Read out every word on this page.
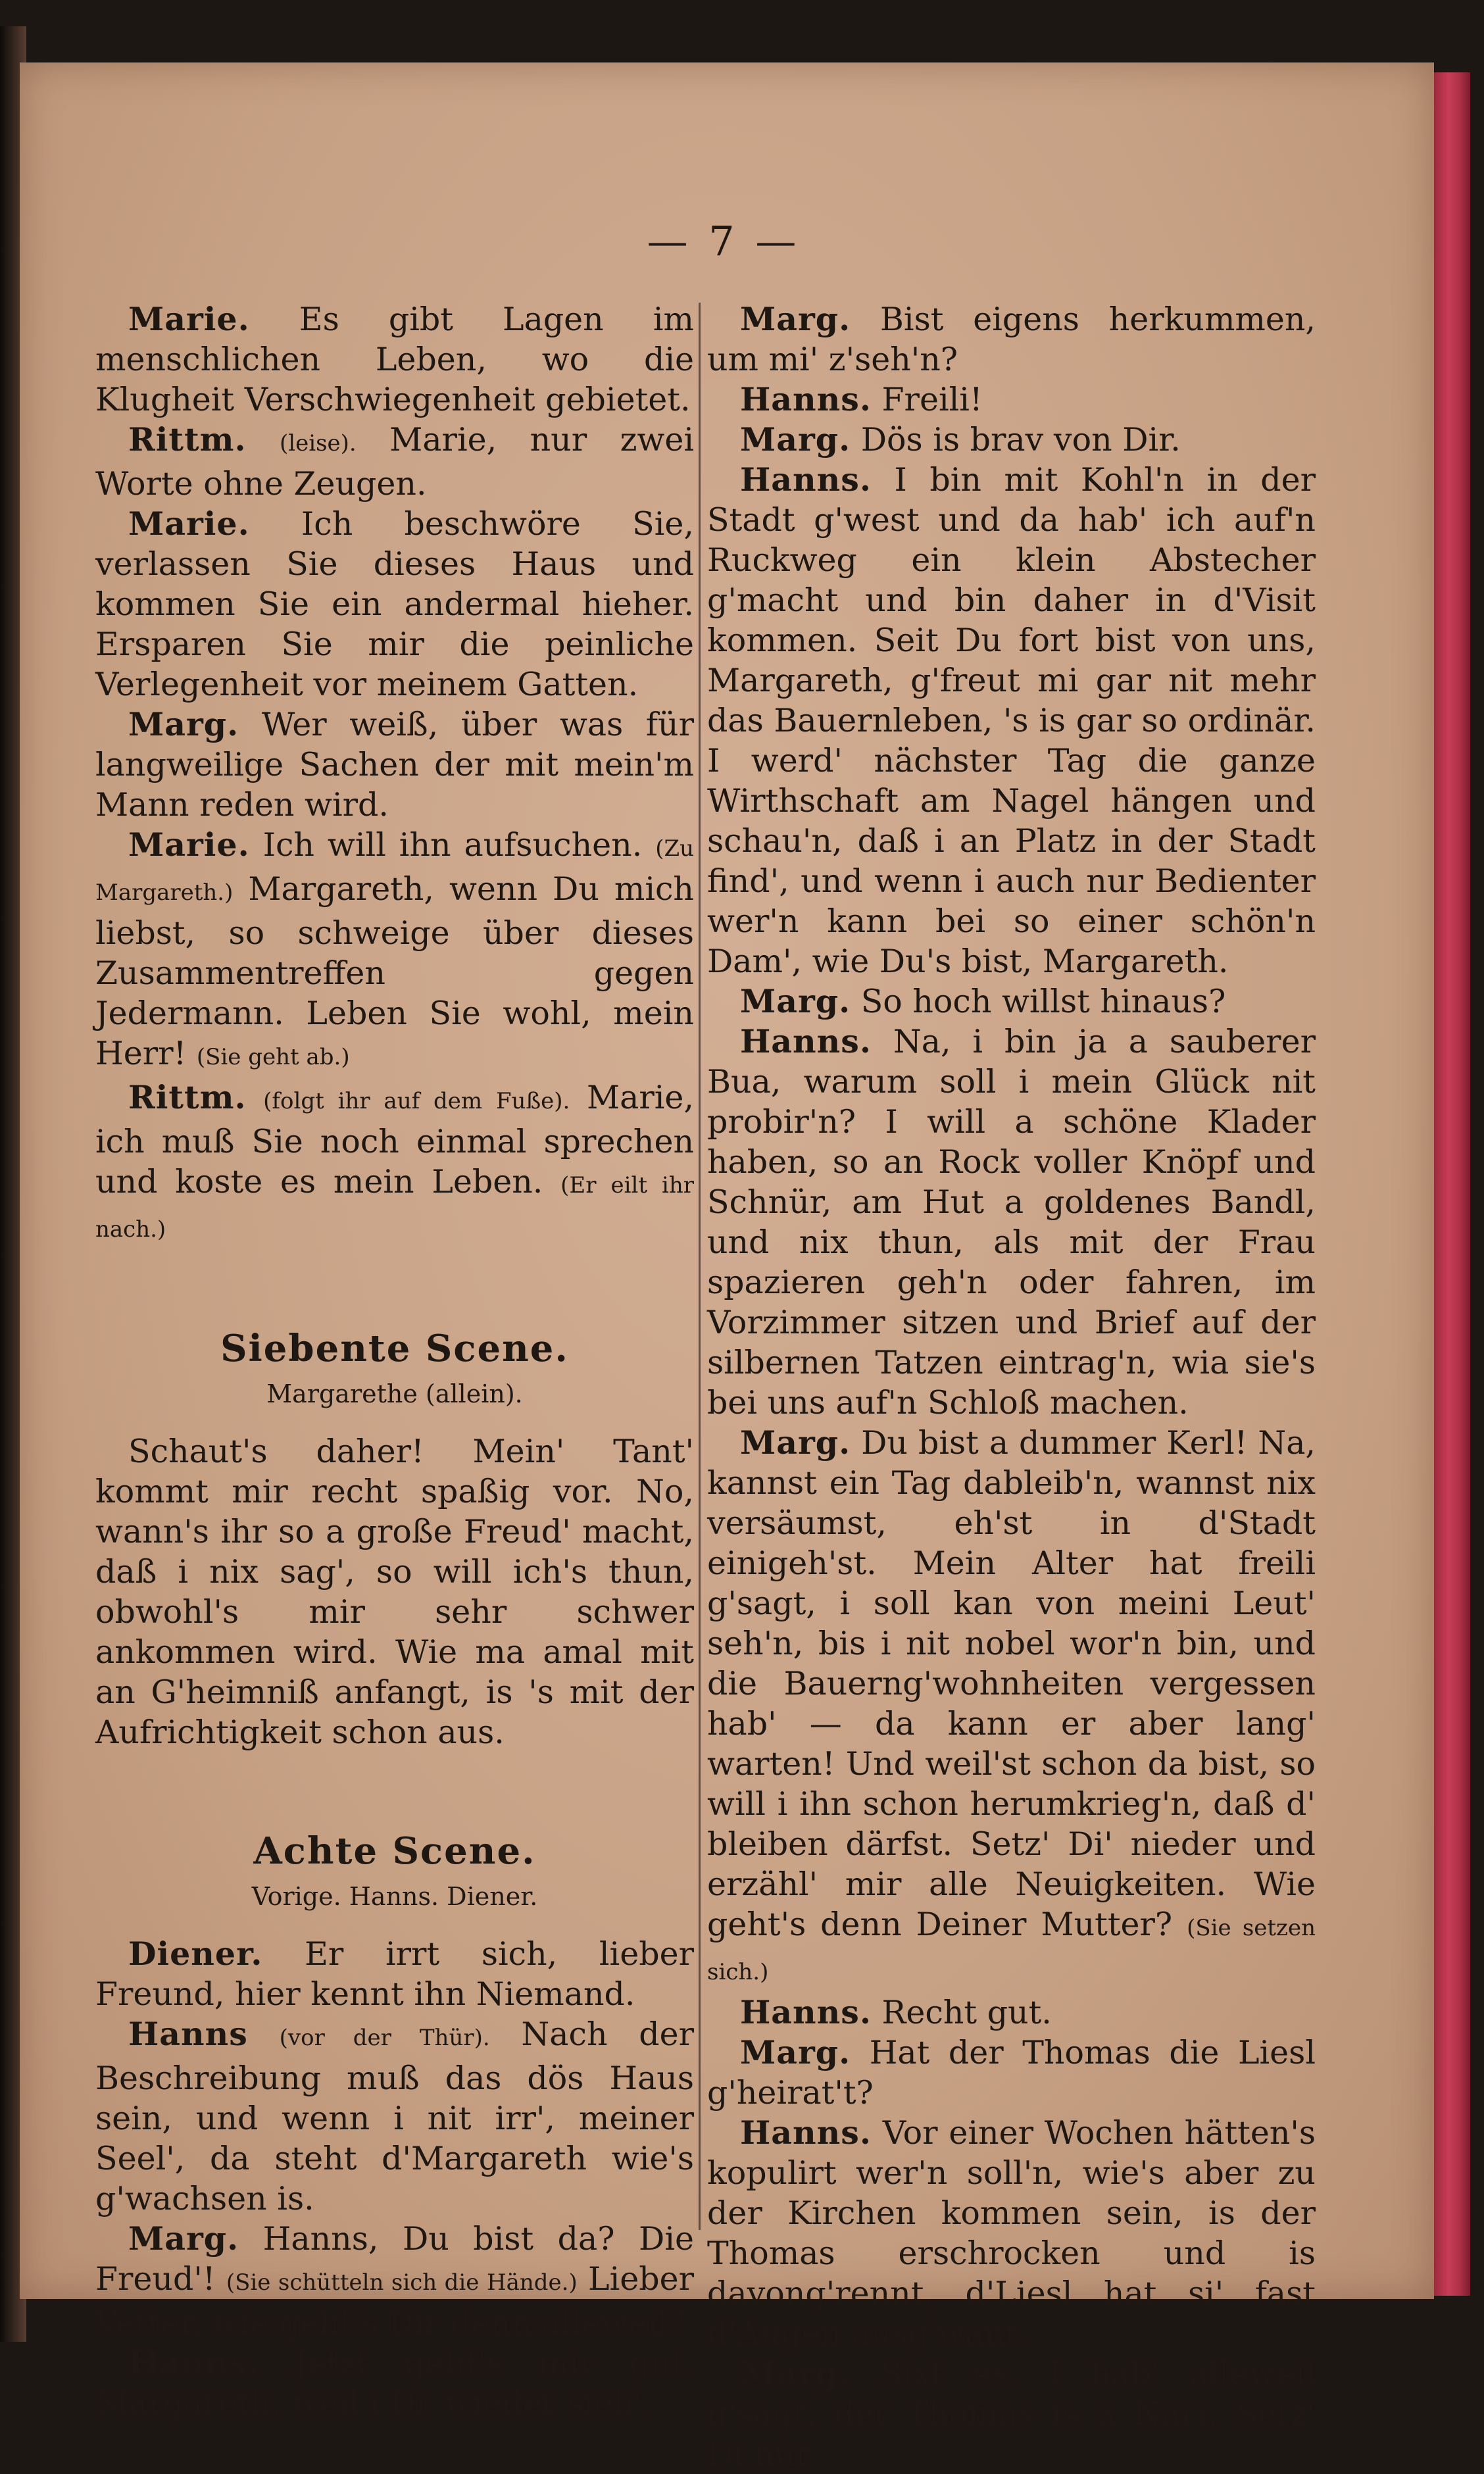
— 7 —

Marie. Es gibt Lagen im menschlichen Leben, wo die Klugheit Verschwiegenheit gebietet.

Rittm. (leise). Marie, nur zwei Worte ohne Zeugen.

Marie. Ich beschwöre Sie, verlassen Sie dieses Haus und kommen Sie ein andermal hieher. Ersparen Sie mir die peinliche Verlegenheit vor meinem Gatten.

Marg. Wer weiß, über was für langweilige Sachen der mit mein'm Mann reden wird.

Marie. Ich will ihn aufsuchen. (Zu Margareth.) Margareth, wenn Du mich liebst, so schweige über dieses Zusammentreffen gegen Jedermann. Leben Sie wohl, mein Herr! (Sie geht ab.)

Rittm. (folgt ihr auf dem Fuße). Marie, ich muß Sie noch einmal sprechen und koste es mein Leben. (Er eilt ihr nach.)

Siebente Scene.
Margarethe (allein).

Schaut's daher! Mein' Tant' kommt mir recht spaßig vor. No, wann's ihr so a große Freud' macht, daß i nix sag', so will ich's thun, obwohl's mir sehr schwer ankommen wird. Wie ma amal mit an G'heimniß anfangt, is 's mit der Aufrichtigkeit schon aus.

Achte Scene.
Vorige. Hanns. Diener.

Diener. Er irrt sich, lieber Freund, hier kennt ihn Niemand.

Hanns (vor der Thür). Nach der Beschreibung muß das dös Haus sein, und wenn i nit irr', meiner Seel', da steht d'Margareth wie's g'wachsen is.

Marg. Hanns, Du bist da? Die Freud'! (Sie schütteln sich die Hände.) Lieber Vetter, wie geht's Dir denn alleweil?

Hanns. Jetzt geht's mir gut, Margareth, weil i Di' wieder sieh'.

Marg. Bist eigens herkummen, um mi' z'seh'n?

Hanns. Freili!

Marg. Dös is brav von Dir.

Hanns. I bin mit Kohl'n in der Stadt g'west und da hab' ich auf'n Ruckweg ein klein Abstecher g'macht und bin daher in d'Visit kommen. Seit Du fort bist von uns, Margareth, g'freut mi gar nit mehr das Bauernleben, 's is gar so ordinär. I werd' nächster Tag die ganze Wirthschaft am Nagel hängen und schau'n, daß i an Platz in der Stadt find', und wenn i auch nur Bedienter wer'n kann bei so einer schön'n Dam', wie Du's bist, Margareth.

Marg. So hoch willst hinaus?

Hanns. Na, i bin ja a sauberer Bua, warum soll i mein Glück nit probir'n? I will a schöne Klader haben, so an Rock voller Knöpf und Schnür, am Hut a goldenes Bandl, und nix thun, als mit der Frau spazieren geh'n oder fahren, im Vorzimmer sitzen und Brief auf der silbernen Tatzen eintrag'n, wia sie's bei uns auf'n Schloß machen.

Marg. Du bist a dummer Kerl! Na, kannst ein Tag dableib'n, wannst nix versäumst, eh'st in d'Stadt einigeh'st. Mein Alter hat freili g'sagt, i soll kan von meini Leut' seh'n, bis i nit nobel wor'n bin, und die Bauerng'wohnheiten vergessen hab' — da kann er aber lang' warten! Und weil'st schon da bist, so will i ihn schon herumkrieg'n, daß d' bleiben därfst. Setz' Di' nieder und erzähl' mir alle Neuigkeiten. Wie geht's denn Deiner Mutter? (Sie setzen sich.)

Hanns. Recht gut.

Marg. Hat der Thomas die Liesl g'heirat't?

Hanns. Vor einer Wochen hätten's kopulirt wer'n soll'n, wie's aber zu der Kirchen kommen sein, is der Thomas erschrocken und is davong'rennt, d'Liesl hat si' fast d'Augen ausg'want.

Marg. Sixt es. I hab' alleweil g'sagt, der Thomas is a Narr. Setz' Di nur
